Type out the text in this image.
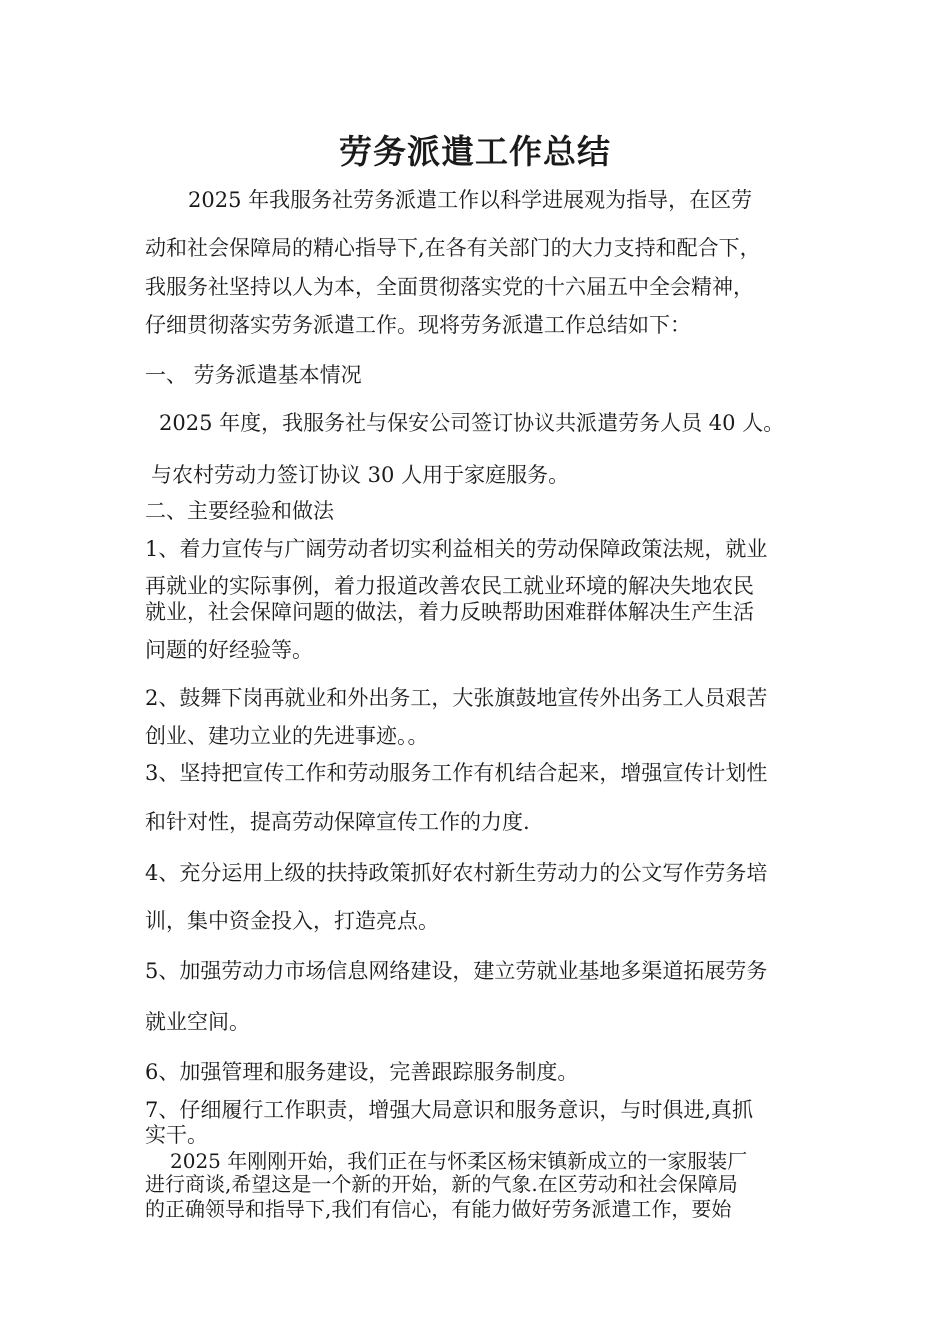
劳务派遣工作总结
2025 年我服务社劳务派遣工作以科学进展观为指导，在区劳
动和社会保障局的精心指导下,在各有关部门的大力支持和配合下，
我服务社坚持以人为本，全面贯彻落实党的十六届五中全会精神，
仔细贯彻落实劳务派遣工作。现将劳务派遣工作总结如下：
一、 劳务派遣基本情况
2025 年度，我服务社与保安公司签订协议共派遣劳务人员 40 人。
与农村劳动力签订协议 30 人用于家庭服务。
二、主要经验和做法
1、着力宣传与广阔劳动者切实利益相关的劳动保障政策法规，就业
再就业的实际事例，着力报道改善农民工就业环境的解决失地农民
就业，社会保障问题的做法，着力反映帮助困难群体解决生产生活
问题的好经验等。
2、鼓舞下岗再就业和外出务工，大张旗鼓地宣传外出务工人员艰苦
创业、建功立业的先进事迹。。
3、坚持把宣传工作和劳动服务工作有机结合起来，增强宣传计划性
和针对性，提高劳动保障宣传工作的力度.
4、充分运用上级的扶持政策抓好农村新生劳动力的公文写作劳务培
训，集中资金投入，打造亮点。
5、加强劳动力市场信息网络建设，建立劳就业基地多渠道拓展劳务
就业空间。
6、加强管理和服务建设，完善跟踪服务制度。
7、仔细履行工作职责，增强大局意识和服务意识，与时俱进,真抓
实干。
2025 年刚刚开始，我们正在与怀柔区杨宋镇新成立的一家服装厂
进行商谈,希望这是一个新的开始，新的气象.在区劳动和社会保障局
的正确领导和指导下,我们有信心，有能力做好劳务派遣工作，要始
